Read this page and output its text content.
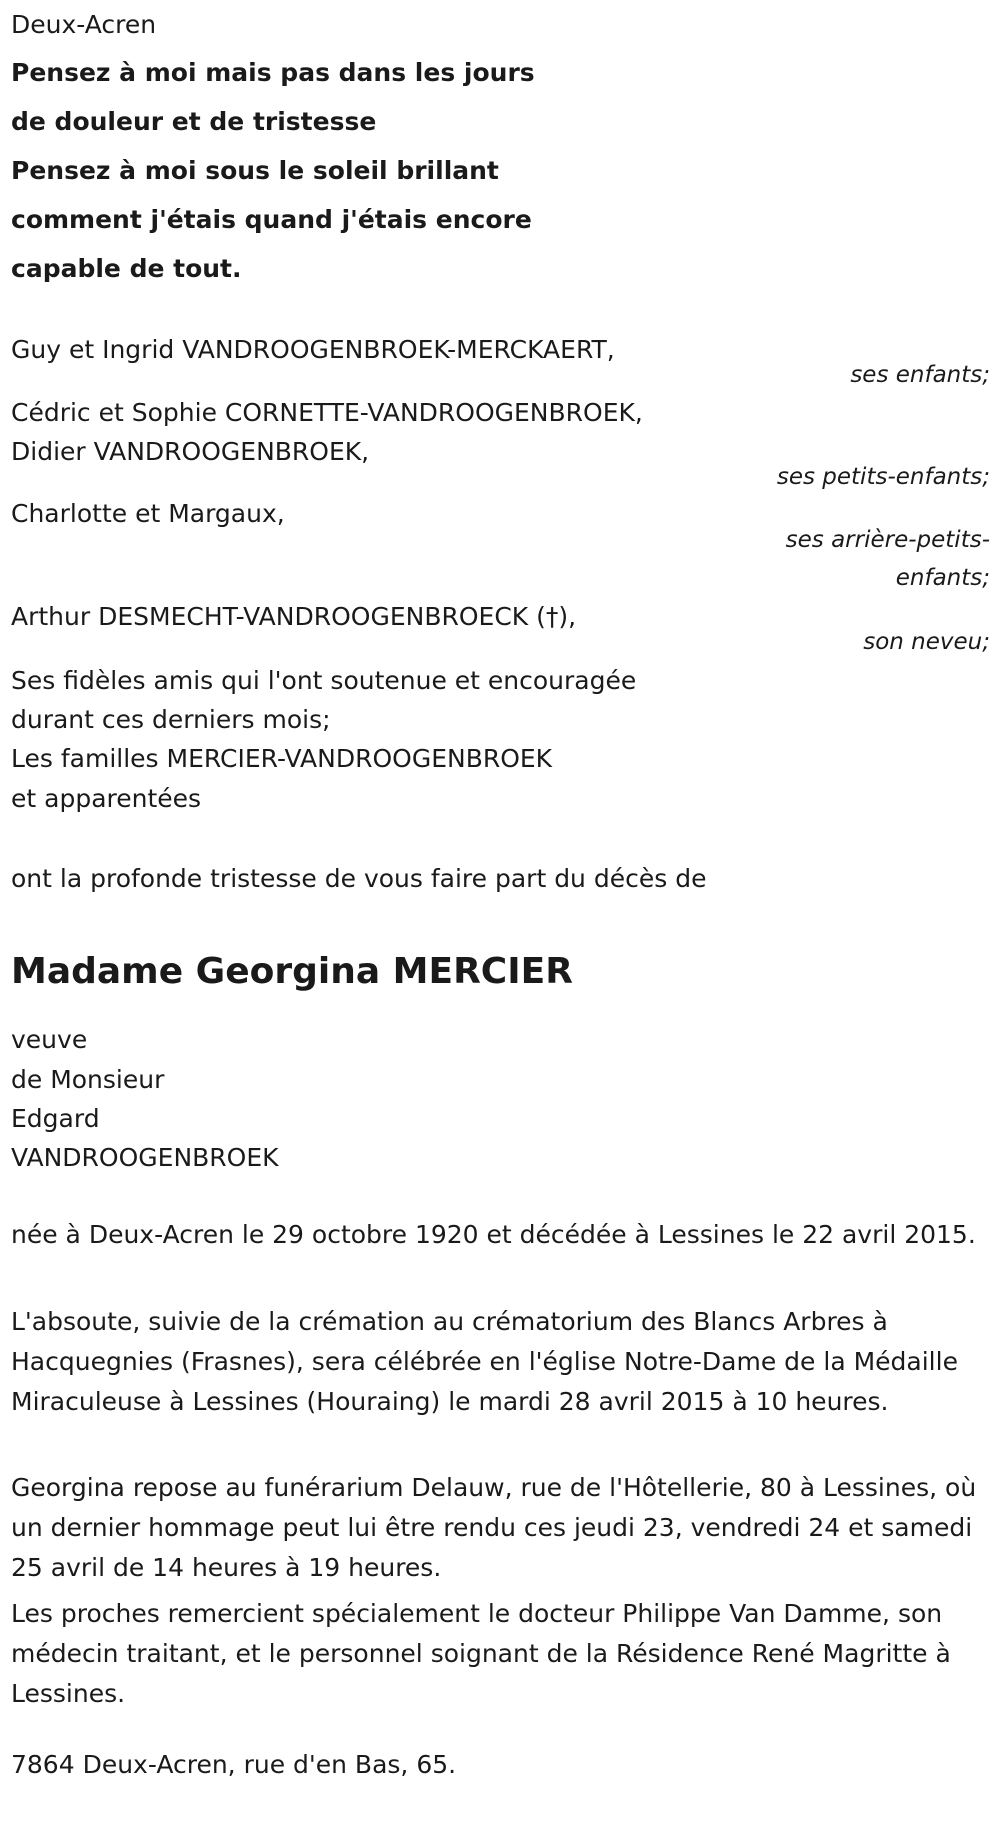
Deux-Acren
Pensez à moi mais pas dans les jours
de douleur et de tristesse
Pensez à moi sous le soleil brillant
comment j'étais quand j'étais encore
capable de tout.
Guy et Ingrid VANDROOGENBROEK-MERCKAERT,
ses enfants;
Cédric et Sophie CORNETTE-VANDROOGENBROEK,
Didier VANDROOGENBROEK,
ses petits-enfants;
Charlotte et Margaux,
ses arrière-petits-
enfants;
Arthur DESMECHT-VANDROOGENBROECK (†),
son neveu;
Ses fidèles amis qui l'ont soutenue et encouragée
durant ces derniers mois;
Les familles MERCIER-VANDROOGENBROEK
et apparentées
ont la profonde tristesse de vous faire part du décès de
Madame Georgina MERCIER
veuve
de Monsieur
Edgard
VANDROOGENBROEK
née à Deux-Acren le 29 octobre 1920 et décédée à Lessines le 22 avril 2015.
L'absoute, suivie de la crémation au crématorium des Blancs Arbres à Hacquegnies (Frasnes), sera célébrée en l'église Notre-Dame de la Médaille Miraculeuse à Lessines (Houraing) le mardi 28 avril 2015 à 10 heures.
Georgina repose au funérarium Delauw, rue de l'Hôtellerie, 80 à Lessines, où un dernier hommage peut lui être rendu ces jeudi 23, vendredi 24 et samedi 25 avril de 14 heures à 19 heures.
Les proches remercient spécialement le docteur Philippe Van Damme, son médecin traitant, et le personnel soignant de la Résidence René Magritte à Lessines.
7864 Deux-Acren, rue d'en Bas, 65.
